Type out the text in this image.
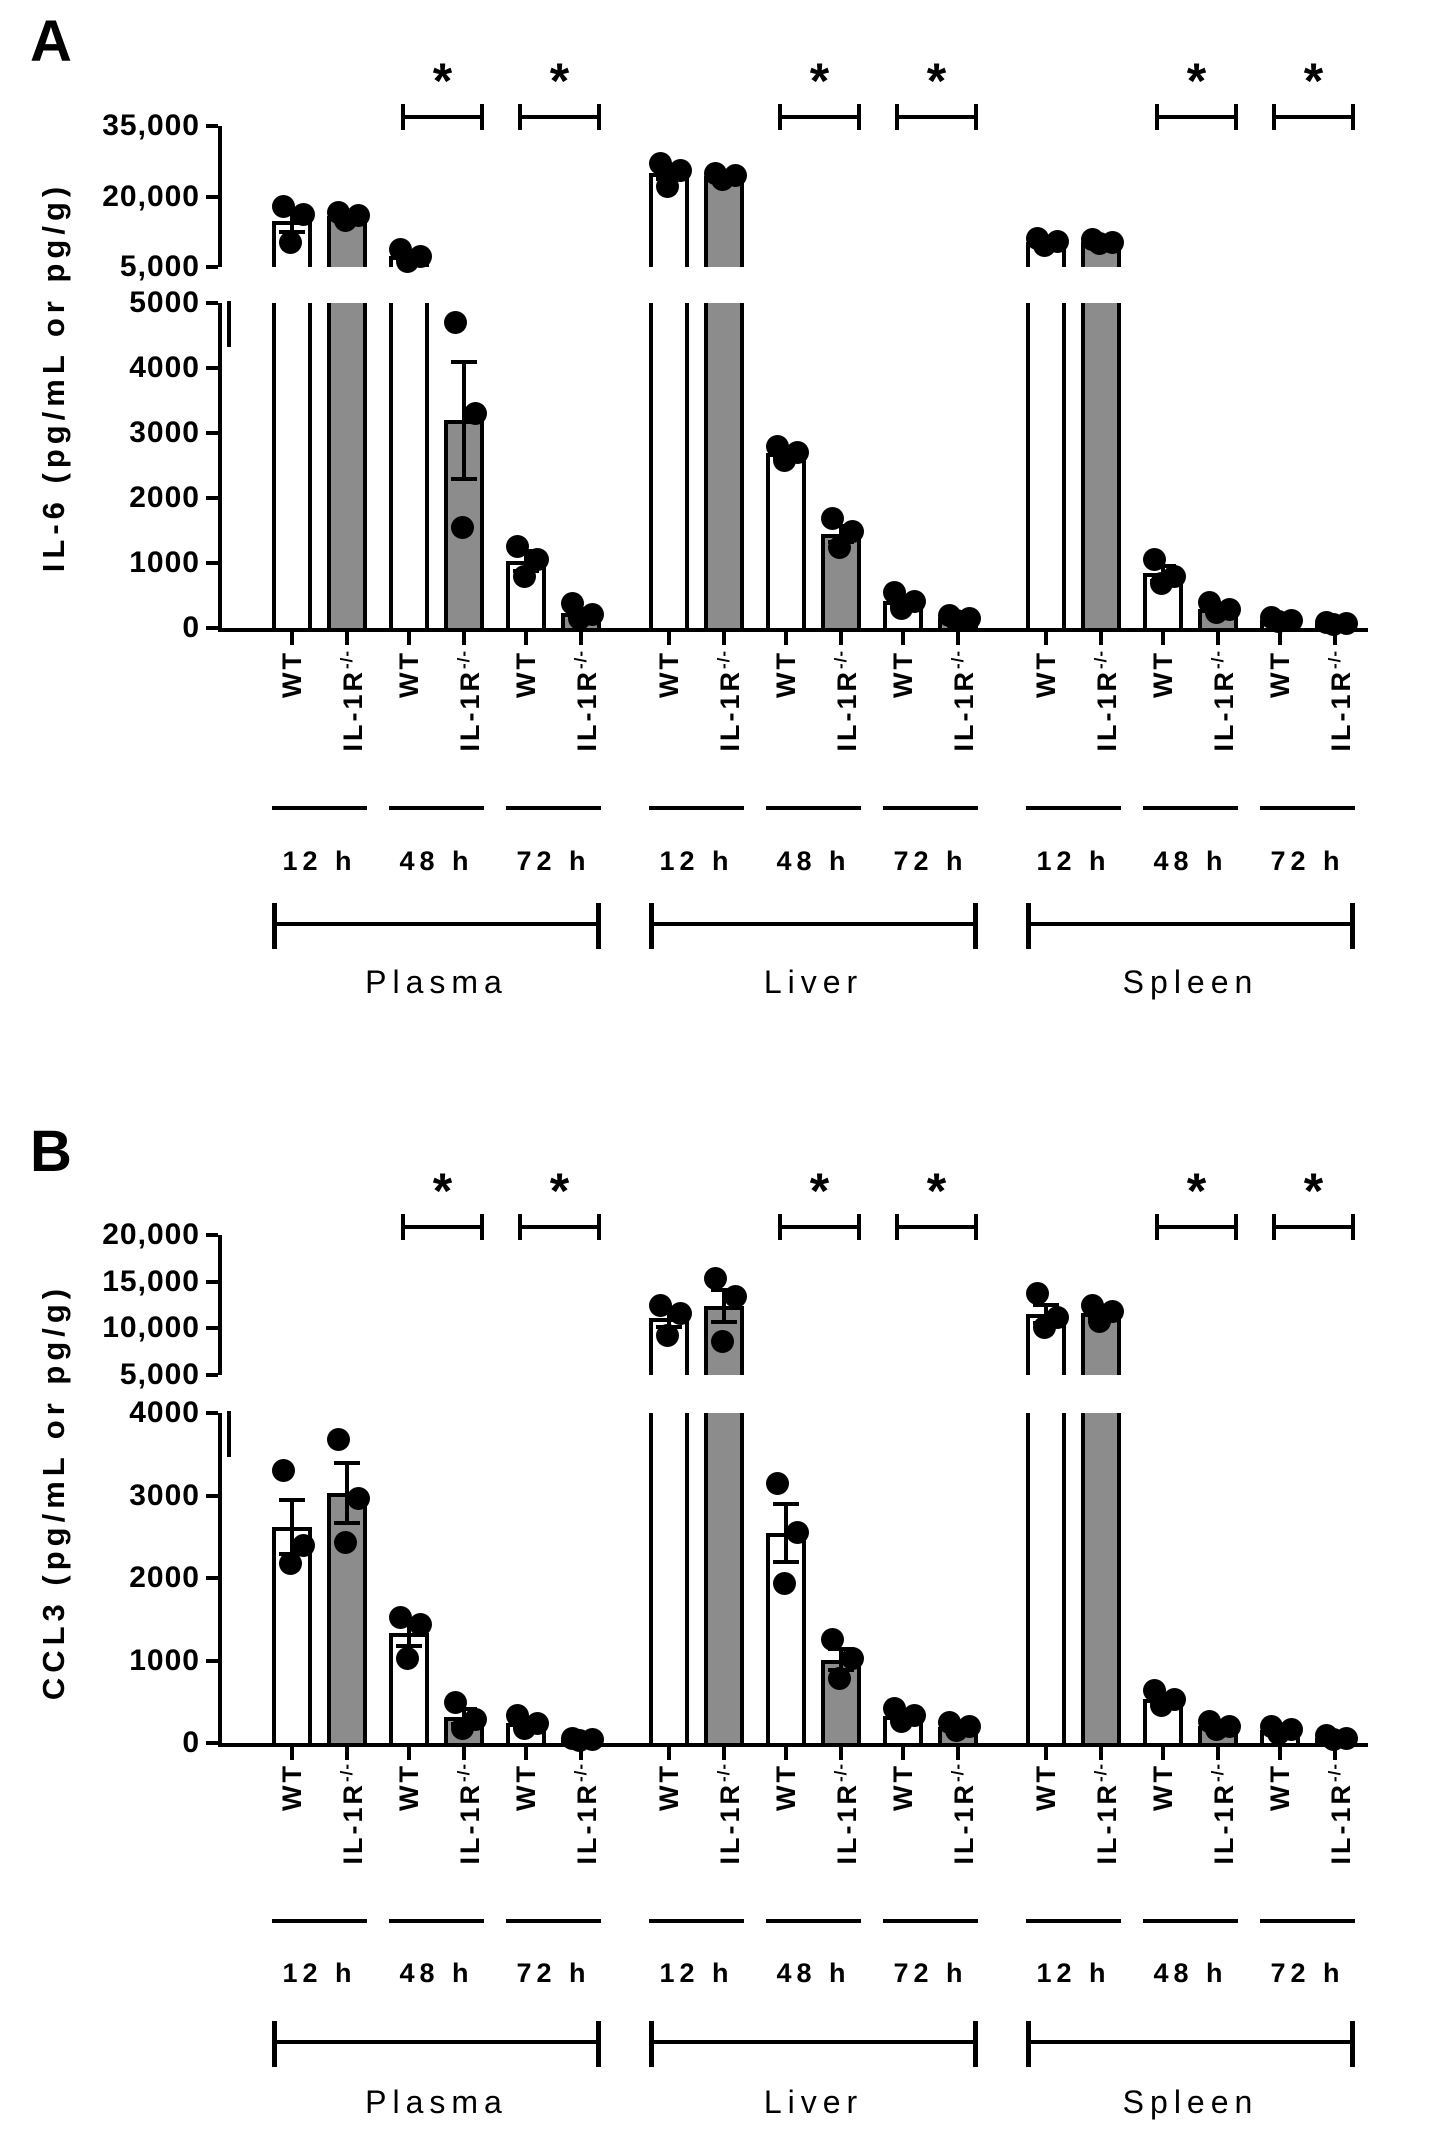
A
B
IL-6 (pg/mL or pg/g)
CCL3 (pg/mL or pg/g)
5,000
20,000
35,000
0
1000
2000
3000
4000
5000
WT IL-1R-/- WT IL-1R-/- WT IL-1R-/-
12 h	48 h
*
72 h
*
Plasma
WT IL-1R-/- WT IL-1R-/- WT IL-1R-/-
12 h	48 h
*
72 h
*
Liver
WT IL-1R-/- WT IL-1R-/- WT IL-1R-/-
12 h	48 h
*
72 h
*
Spleen
5,000
10,000
15,000
20,000
0
1000
2000
3000
4000
WT IL-1R-/- WT IL-1R-/- WT IL-1R-/-
12 h	48 h
*
72 h
*
Plasma
WT IL-1R-/- WT IL-1R-/- WT IL-1R-/-
12 h	48 h
*
72 h
*
Liver
WT IL-1R-/- WT IL-1R-/- WT IL-1R-/-
12 h	48 h
*
72 h
*
Spleen
